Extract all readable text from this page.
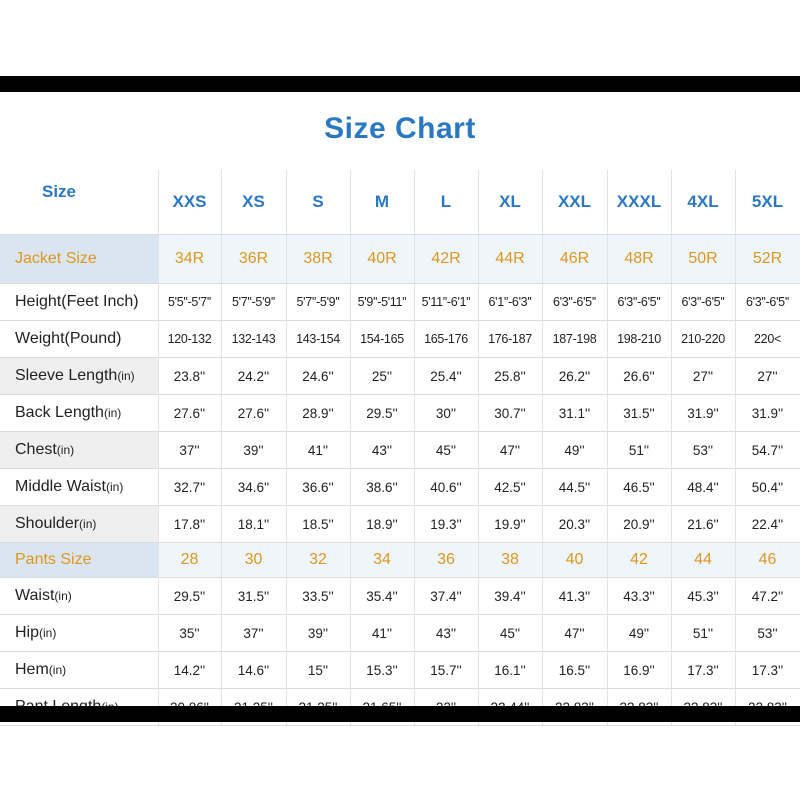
Size Chart
Size	XXS	XS	S	M	L	XL	XXL	XXXL	4XL	5XL
Jacket Size	34R	36R	38R	40R	42R	44R	46R	48R	50R	52R
Height(Feet Inch)	5'5''-5'7''	5'7''-5'9''	5'7''-5'9''	5'9''-5'11''	5'11''-6'1''	6'1''-6'3''	6'3''-6'5''	6'3''-6'5''	6'3''-6'5''	6'3''-6'5''
Weight(Pound)	120-132	132-143	143-154	154-165	165-176	176-187	187-198	198-210	210-220	220<
Sleeve Length(in)	23.8''	24.2''	24.6''	25''	25.4''	25.8''	26.2''	26.6''	27''	27''
Back Length(in)	27.6''	27.6''	28.9''	29.5''	30''	30.7''	31.1''	31.5''	31.9''	31.9''
Chest(in)	37''	39''	41''	43''	45''	47''	49''	51''	53''	54.7''
Middle Waist(in)	32.7''	34.6''	36.6''	38.6''	40.6''	42.5''	44.5''	46.5''	48.4''	50.4''
Shoulder(in)	17.8''	18.1''	18.5''	18.9''	19.3''	19.9''	20.3''	20.9''	21.6''	22.4''
Pants Size	28	30	32	34	36	38	40	42	44	46
Waist(in)	29.5''	31.5''	33.5''	35.4''	37.4''	39.4''	41.3''	43.3''	45.3''	47.2''
Hip(in)	35''	37''	39''	41''	43''	45''	47''	49''	51''	53''
Hem(in)	14.2''	14.6''	15''	15.3''	15.7''	16.1''	16.5''	16.9''	17.3''	17.3''
